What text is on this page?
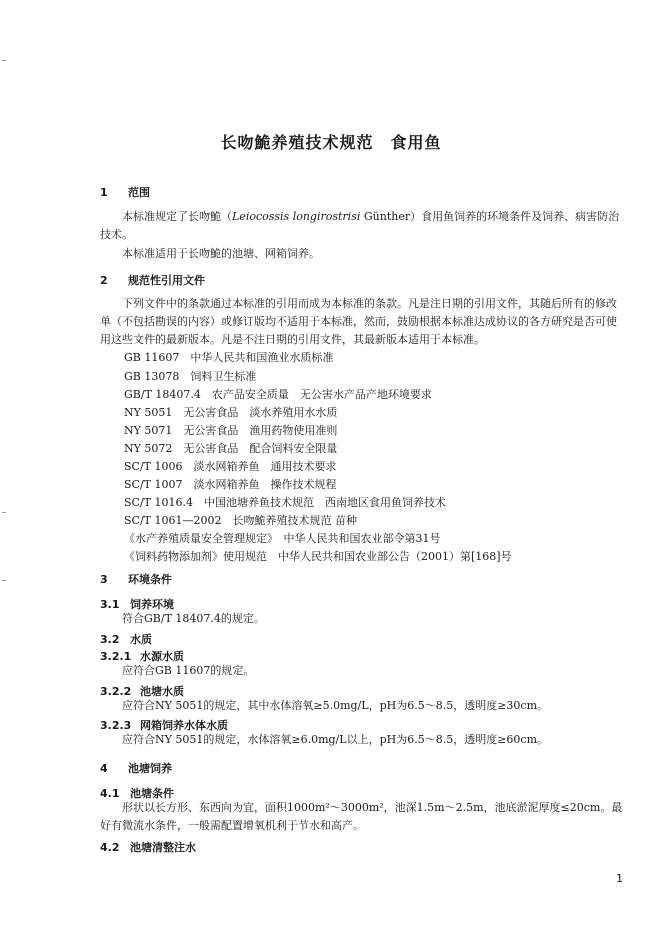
长吻鮠养殖技术规范　食用鱼
1 范围
本标准规定了长吻鮠（Leiocossis longirostrisi Günther）食用鱼饲养的环境条件及饲养、病害防治技术。
本标准适用于长吻鮠的池塘、网箱饲养。
2 规范性引用文件
下列文件中的条款通过本标准的引用而成为本标准的条款。凡是注日期的引用文件，其随后所有的修改单（不包括勘误的内容）或修订版均不适用于本标准，然而，鼓励根据本标准达成协议的各方研究是否可使用这些文件的最新版本。凡是不注日期的引用文件，其最新版本适用于本标准。
GB 11607　中华人民共和国渔业水质标准
GB 13078　饲料卫生标准
GB/T 18407.4　农产品安全质量　无公害水产品产地环境要求
NY 5051　无公害食品　淡水养殖用水水质
NY 5071　无公害食品　渔用药物使用准则
NY 5072　无公害食品　配合饲料安全限量
SC/T 1006　淡水网箱养鱼　通用技术要求
SC/T 1007　淡水网箱养鱼　操作技术规程
SC/T 1016.4　中国池塘养鱼技术规范　西南地区食用鱼饲养技术
SC/T 1061—2002　长吻鮠养殖技术规范 苗种
《水产养殖质量安全管理规定》　中华人民共和国农业部令第31号
《饲料药物添加剂》使用规范　中华人民共和国农业部公告（2001）第[168]号
3 环境条件
3.1 饲养环境
符合GB/T 18407.4的规定。
3.2 水质
3.2.1 水源水质
应符合GB 11607的规定。
3.2.2 池塘水质
应符合NY 5051的规定，其中水体溶氧≥5.0mg/L，pH为6.5～8.5，透明度≥30cm。
3.2.3 网箱饲养水体水质
应符合NY 5051的规定，水体溶氧≥6.0mg/L以上，pH为6.5～8.5，透明度≥60cm。
4 池塘饲养
4.1 池塘条件
形状以长方形、东西向为宜，面积1000m²～3000m²，池深1.5m～2.5m，池底淤泥厚度≤20cm。最好有微流水条件，一般需配置增氧机利于节水和高产。
4.2 池塘清整注水
1
